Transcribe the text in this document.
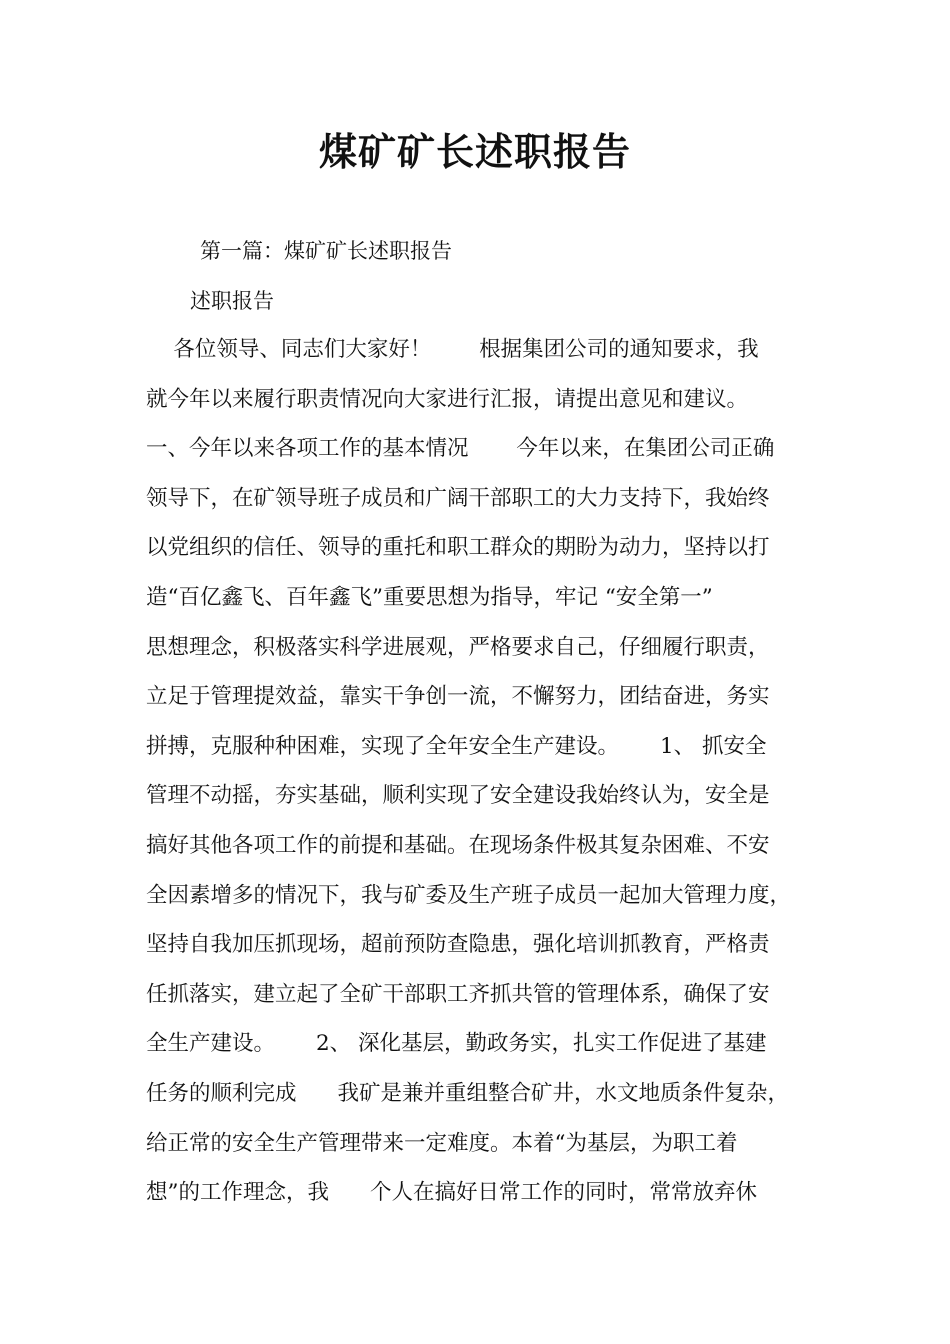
煤矿矿长述职报告
第一篇：煤矿矿长述职报告
述职报告
各位领导、同志们大家好！       根据集团公司的通知要求，我
就今年以来履行职责情况向大家进行汇报，请提出意见和建议。
一、今年以来各项工作的基本情况       今年以来，在集团公司正确
领导下，在矿领导班子成员和广阔干部职工的大力支持下，我始终
以党组织的信任、领导的重托和职工群众的期盼为动力，坚持以打
造“百亿鑫飞、百年鑫飞”重要思想为指导，牢记 “安全第一”
思想理念，积极落实科学进展观，严格要求自己，仔细履行职责，
立足于管理提效益，靠实干争创一流，不懈努力，团结奋进，务实
拼搏，克服种种困难，实现了全年安全生产建设。      1、 抓安全
管理不动摇，夯实基础，顺利实现了安全建设我始终认为，安全是
搞好其他各项工作的前提和基础。在现场条件极其复杂困难、不安
全因素增多的情况下，我与矿委及生产班子成员一起加大管理力度，
坚持自我加压抓现场，超前预防查隐患，强化培训抓教育，严格责
任抓落实，建立起了全矿干部职工齐抓共管的管理体系，确保了安
全生产建设。      2、 深化基层，勤政务实，扎实工作促进了基建
任务的顺利完成      我矿是兼并重组整合矿井，水文地质条件复杂，
给正常的安全生产管理带来一定难度。本着“为基层，为职工着
想”的工作理念，我      个人在搞好日常工作的同时，常常放弃休
